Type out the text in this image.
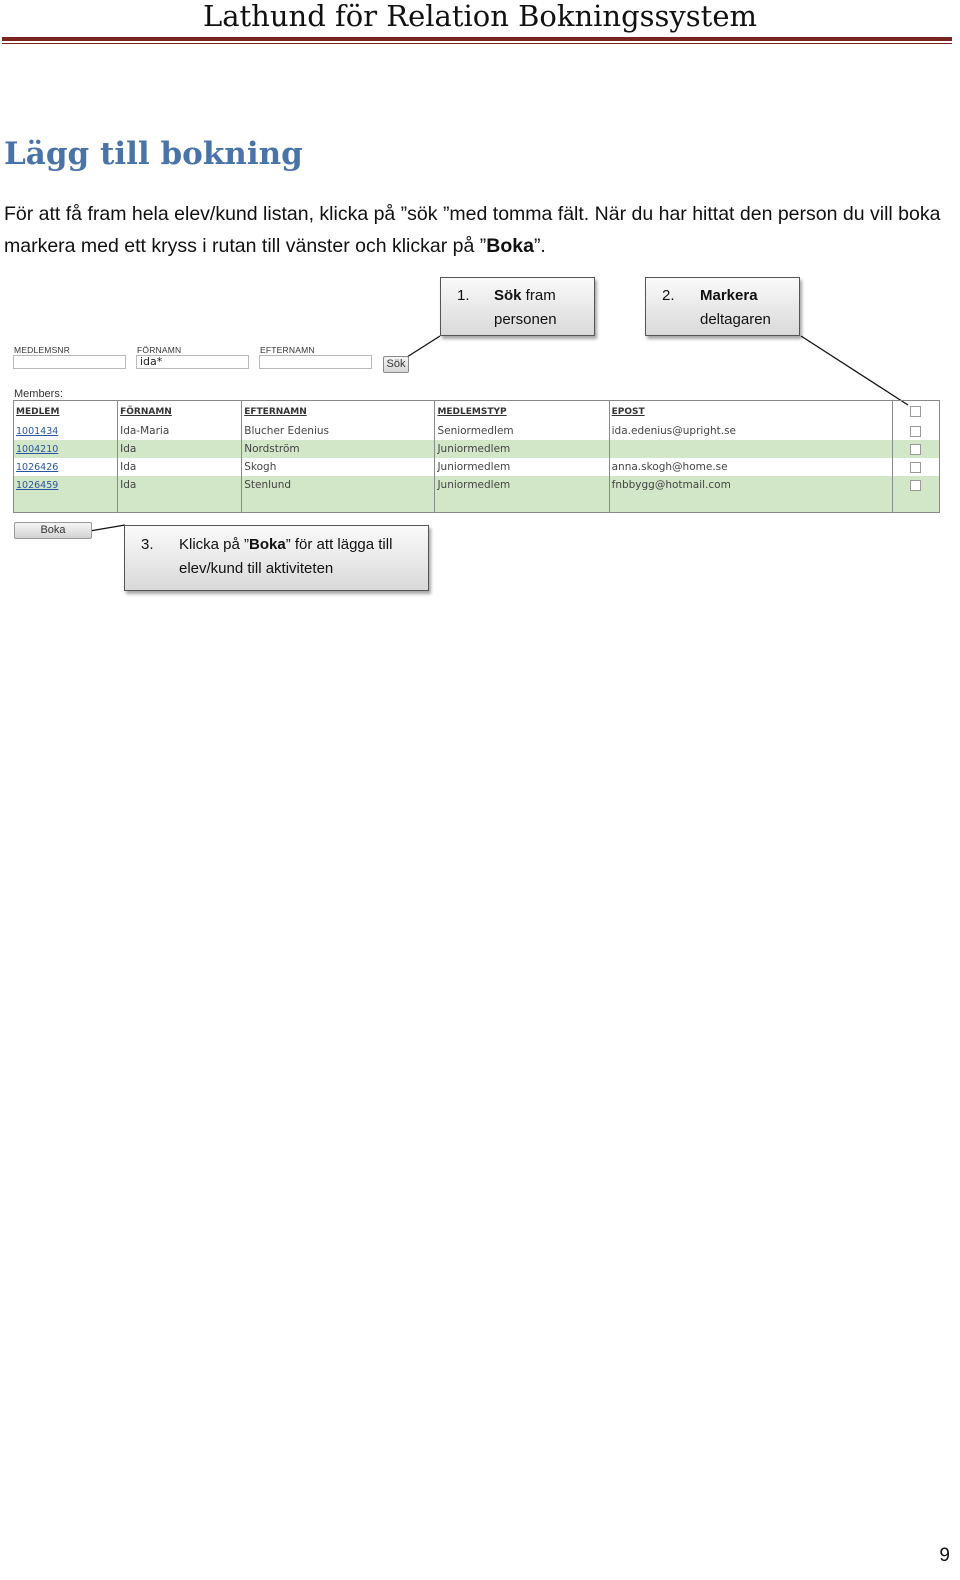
Lathund för Relation Bokningssystem
Lägg till bokning
För att få fram hela elev/kund listan, klicka på ”sök ”med tomma fält. När du har hittat den person du vill boka markera med ett kryss i rutan till vänster och klickar på ”Boka”.
1. Sök fram
personen
2. Markera
deltagaren
3. Klicka på ”Boka” för att lägga till
elev/kund till aktiviteten
MEDLEMSNR	FÖRNAMN
ida*
EFTERNAMN
Sök
Members:
MEDLEM	FÖRNAMN	EFTERNAMN	MEDLEMSTYP	EPOST	
1001434	Ida-Maria	Blucher Edenius	Seniormedlem	ida.edenius@upright.se	
1004210	Ida	Nordström	Juniormedlem		
1026426	Ida	Skogh	Juniormedlem	anna.skogh@home.se	
1026459	Ida	Stenlund	Juniormedlem	fnbbygg@hotmail.com	

Boka
9
